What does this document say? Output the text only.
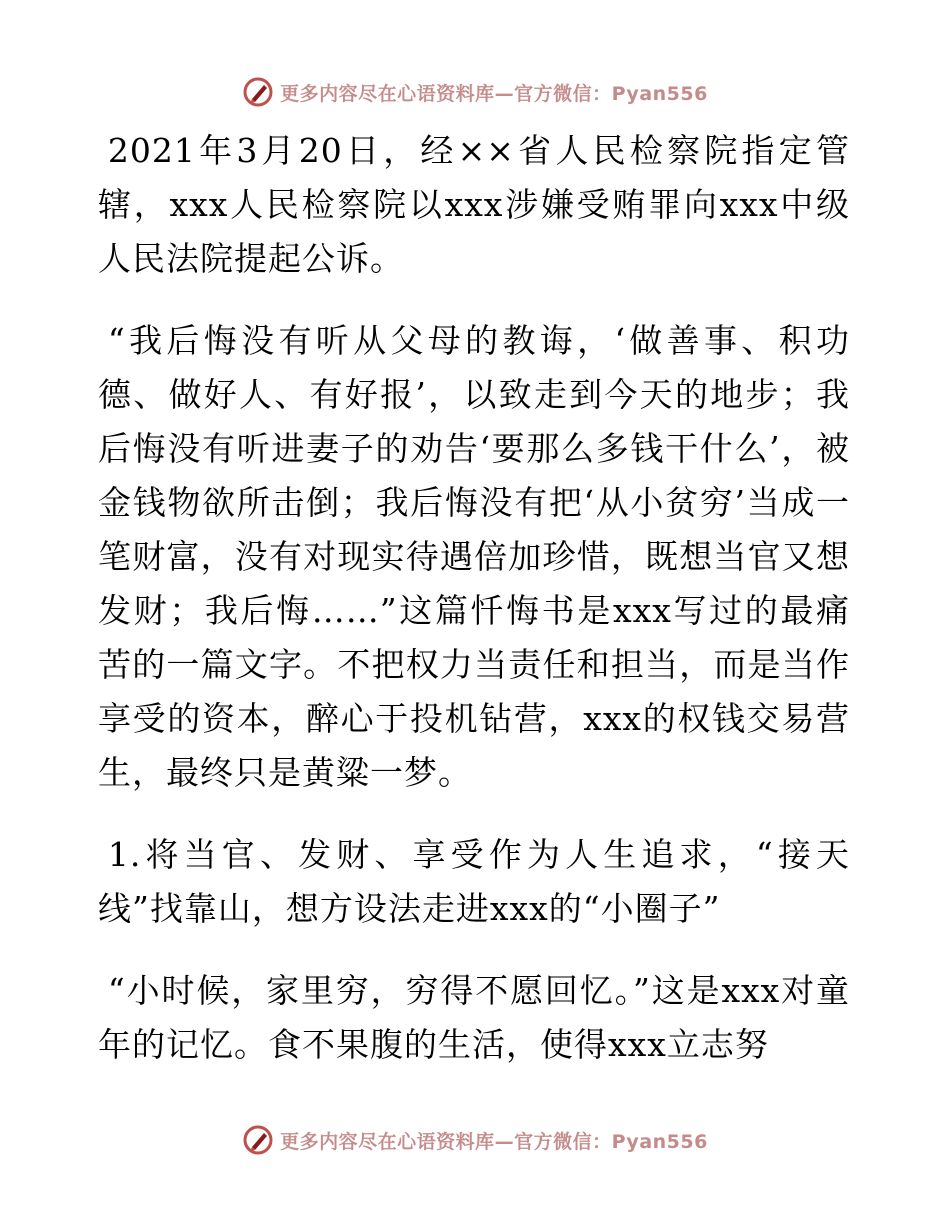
更多内容尽在心语资料库—官方微信：Pyan556

2021年3月20日，经××省人民检察院指定管辖，xxx人民检察院以xxx涉嫌受贿罪向xxx中级人民法院提起公诉。

“我后悔没有听从父母的教诲，‘做善事、积功德、做好人、有好报’，以致走到今天的地步；我后悔没有听进妻子的劝告‘要那么多钱干什么’，被金钱物欲所击倒；我后悔没有把‘从小贫穷’当成一笔财富，没有对现实待遇倍加珍惜，既想当官又想发财；我后悔……”这篇忏悔书是xxx写过的最痛苦的一篇文字。不把权力当责任和担当，而是当作享受的资本，醉心于投机钻营，xxx的权钱交易营生，最终只是黄粱一梦。

1.将当官、发财、享受作为人生追求，“接天线”找靠山，想方设法走进xxx的“小圈子”

“小时候，家里穷，穷得不愿回忆。”这是xxx对童年的记忆。食不果腹的生活，使得xxx立志努

更多内容尽在心语资料库—官方微信：Pyan556
